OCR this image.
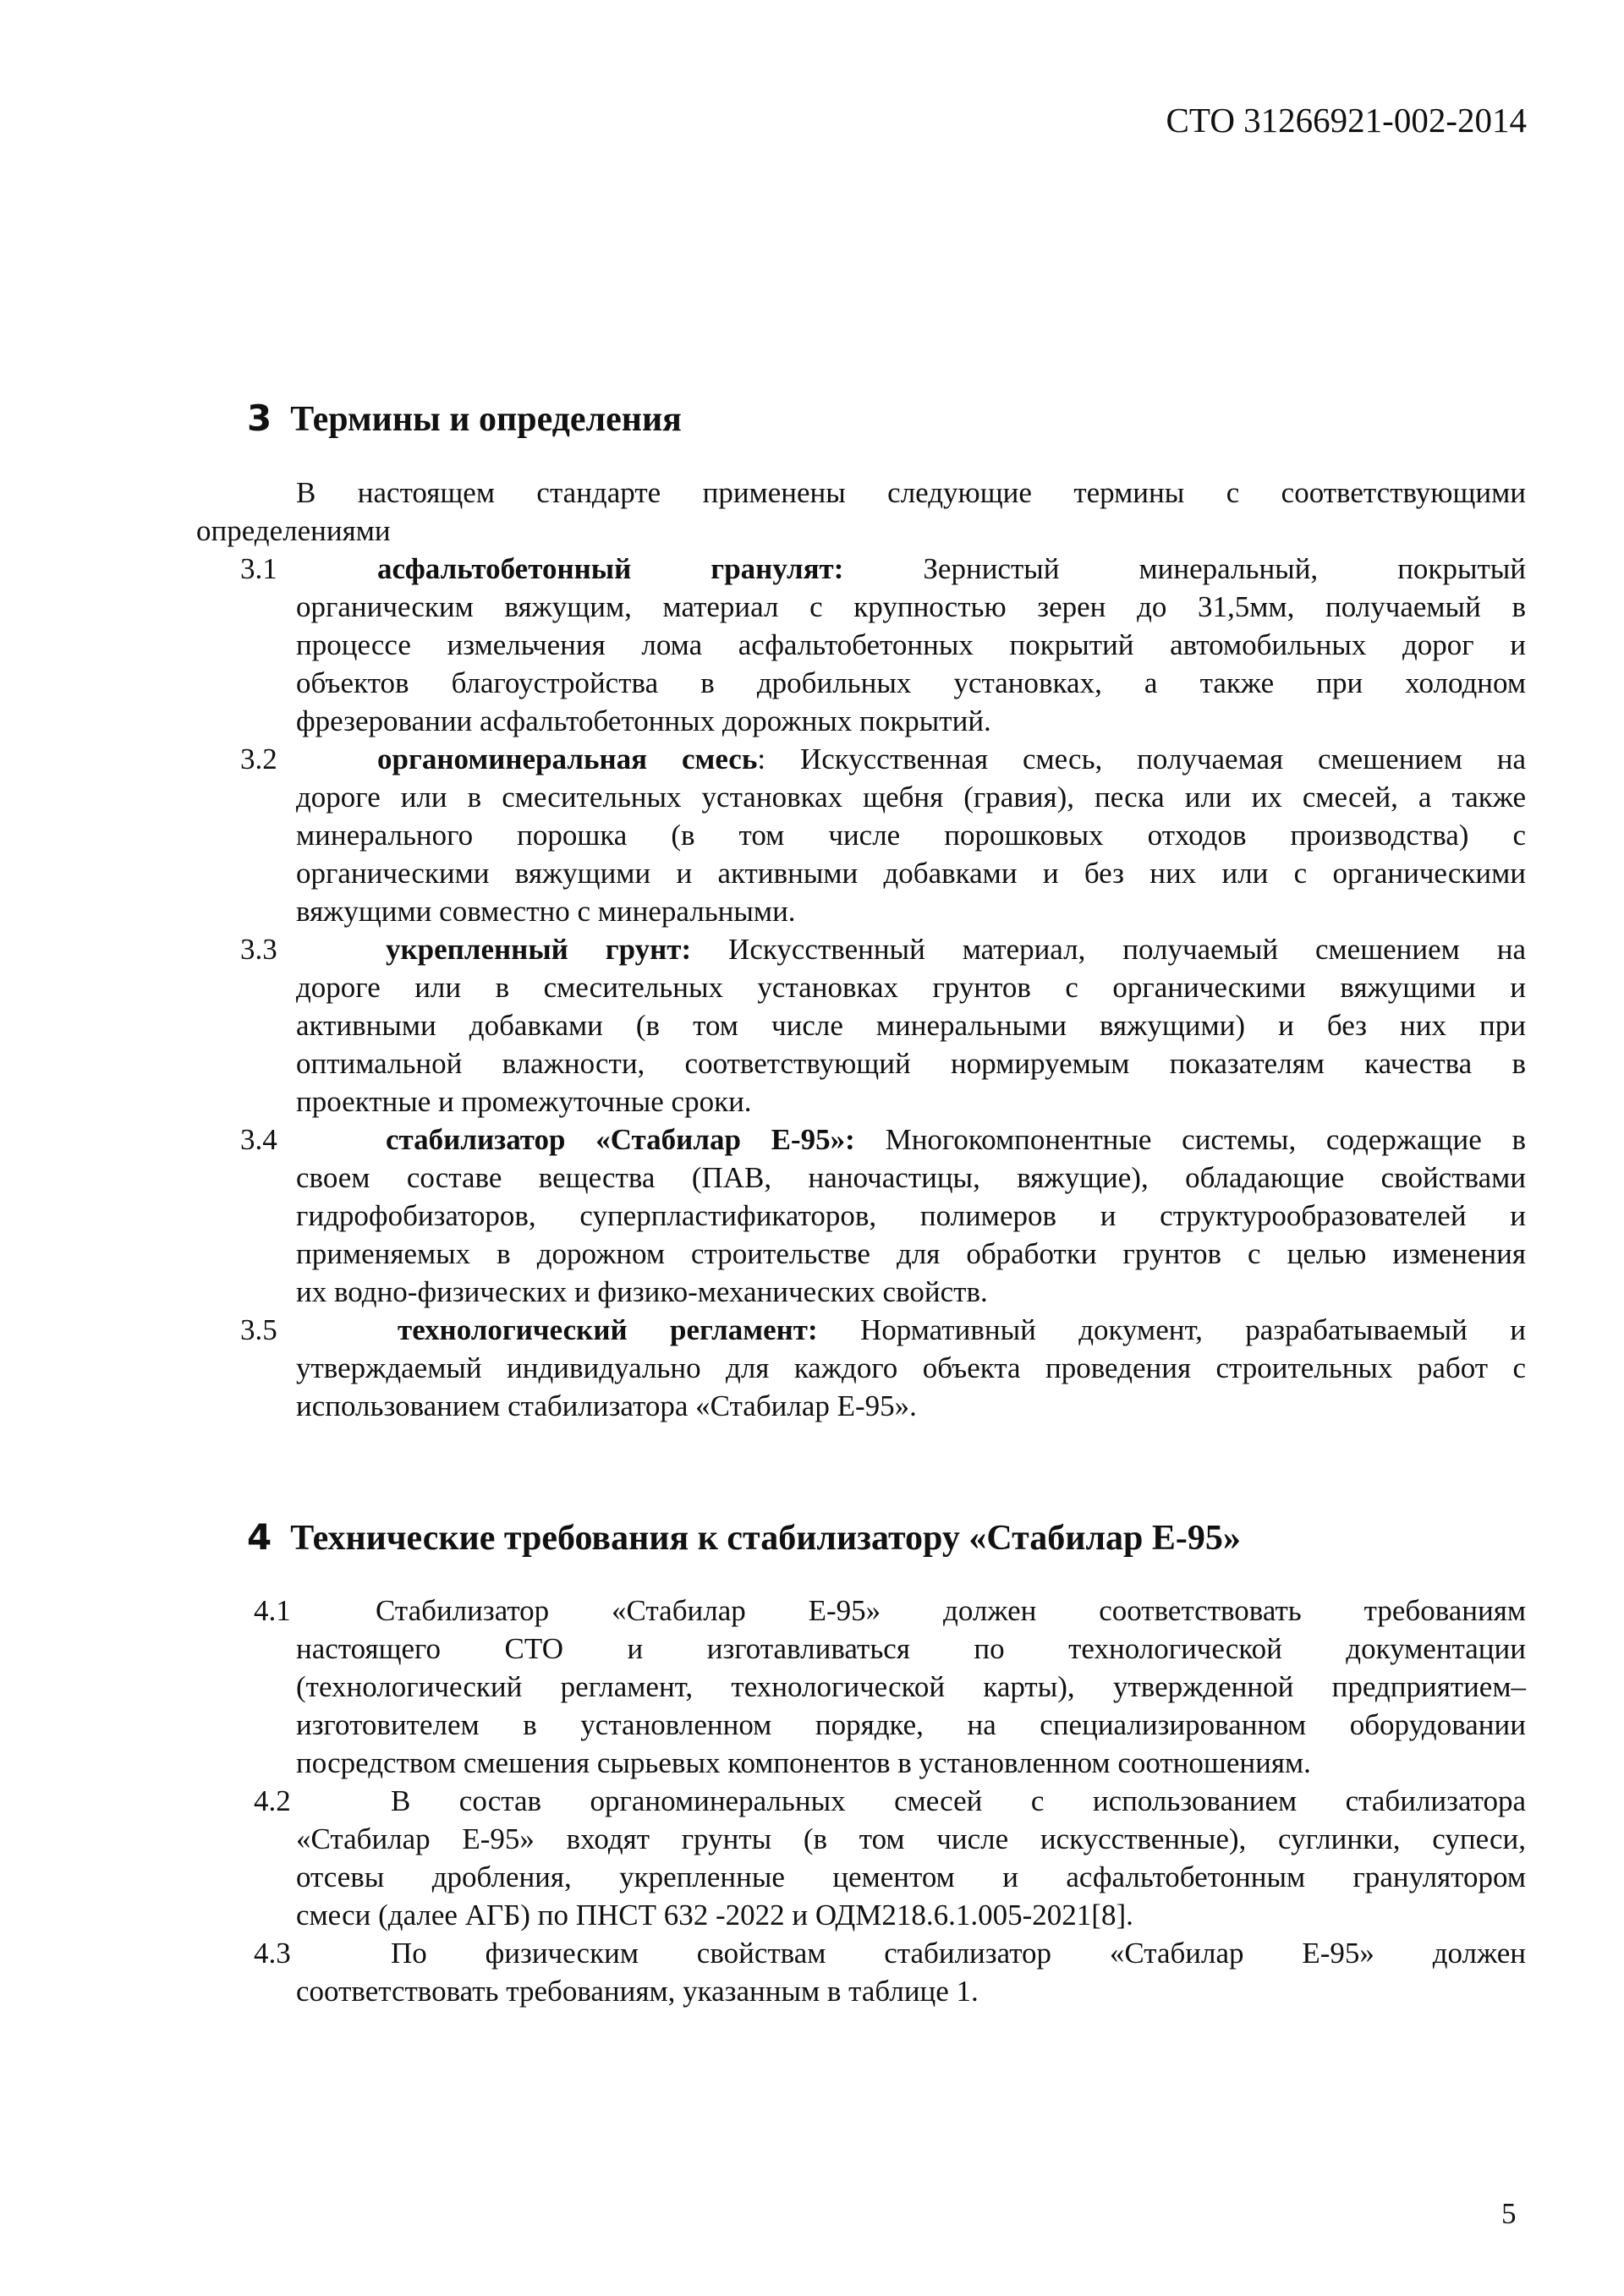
СТО 31266921-002-2014
3 Термины и определения
В настоящем стандарте применены следующие термины с соответствующими
определениями
3.1	асфальтобетонный гранулят: Зернистый минеральный, покрытый
органическим вяжущим, материал с крупностью зерен до 31,5мм, получаемый в
процессе измельчения лома асфальтобетонных покрытий автомобильных дорог и
объектов благоустройства в дробильных установках, а также при холодном
фрезеровании асфальтобетонных дорожных покрытий.
3.2	органоминеральная смесь: Искусственная смесь, получаемая смешением на
дороге или в смесительных установках щебня (гравия), песка или их смесей, а также
минерального порошка (в том числе порошковых отходов производства) с
органическими вяжущими и активными добавками и без них или с органическими
вяжущими совместно с минеральными.
3.3	укрепленный грунт: Искусственный материал, получаемый смешением на
дороге или в смесительных установках грунтов с органическими вяжущими и
активными добавками (в том числе минеральными вяжущими) и без них при
оптимальной влажности, соответствующий нормируемым показателям качества в
проектные и промежуточные сроки.
3.4	стабилизатор «Стабилар Е-95»: Многокомпонентные системы, содержащие в
своем составе вещества (ПАВ, наночастицы, вяжущие), обладающие свойствами
гидрофобизаторов, суперпластификаторов, полимеров и структурообразователей и
применяемых в дорожном строительстве для обработки грунтов с целью изменения
их водно-физических и физико-механических свойств.
3.5	технологический регламент: Нормативный документ, разрабатываемый и
утверждаемый индивидуально для каждого объекта проведения строительных работ с
использованием стабилизатора «Стабилар Е-95».
4 Технические требования к стабилизатору «Стабилар Е-95»
4.1	Стабилизатор «Стабилар Е-95» должен соответствовать требованиям
настоящего СТО и изготавливаться по технологической документации
(технологический регламент, технологической карты), утвержденной предприятием–
изготовителем в установленном порядке, на специализированном оборудовании
посредством смешения сырьевых компонентов в установленном соотношениям.
4.2	В состав органоминеральных смесей с использованием стабилизатора
«Стабилар Е-95» входят грунты (в том числе искусственные), суглинки, супеси,
отсевы дробления, укрепленные цементом и асфальтобетонным гранулятором
смеси (далее АГБ) по ПНСТ 632 -2022 и ОДМ218.6.1.005-2021[8].
4.3	По физическим свойствам стабилизатор «Стабилар Е-95» должен
соответствовать требованиям, указанным в таблице 1.
5
